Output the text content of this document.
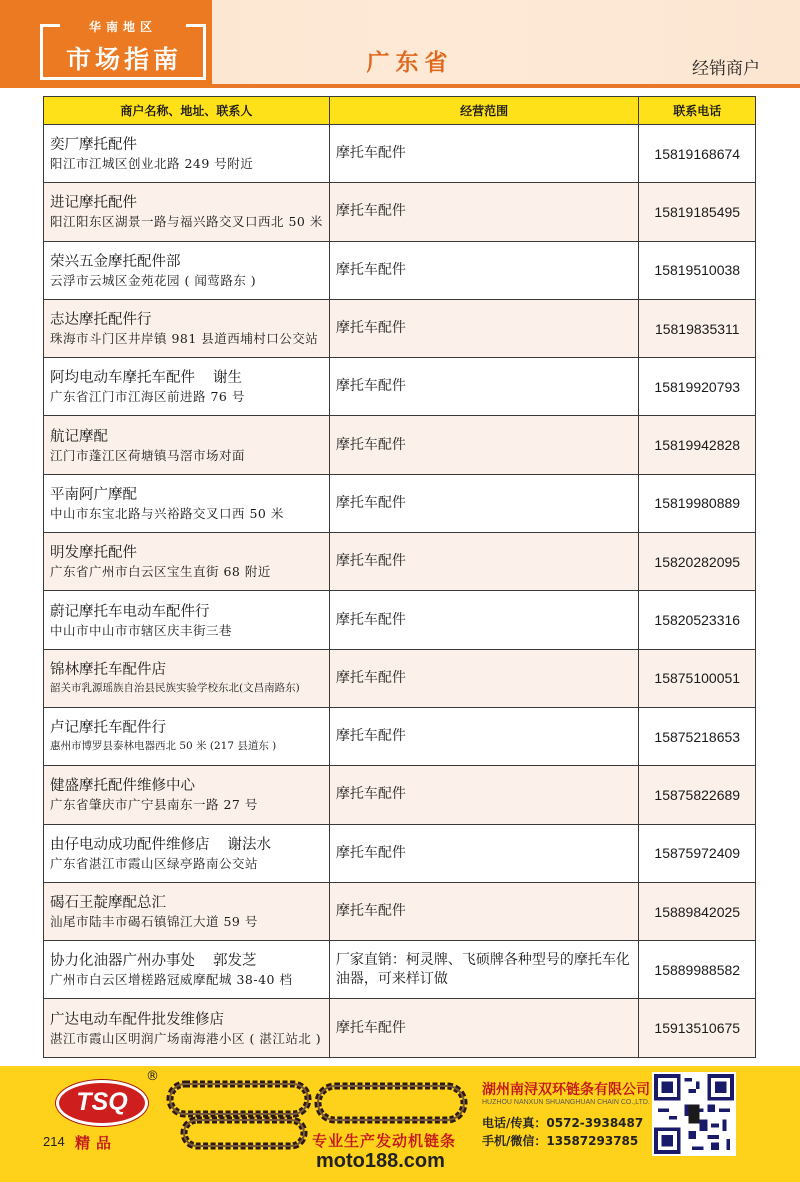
华南地区
市场指南	广东省	经销商户
商户名称、地址、联系人	经营范围	联系电话

奕厂摩托配件
阳江市江城区创业北路 249 号附近	摩托车配件	15819168674

进记摩托配件
阳江阳东区湖景一路与福兴路交叉口西北 50 米	摩托车配件	15819185495

荣兴五金摩托配件部
云浮市云城区金苑花园 ( 闻莺路东 )	摩托车配件	15819510038

志达摩托配件行
珠海市斗门区井岸镇 981 县道西埔村口公交站	摩托车配件	15819835311

阿均电动车摩托车配件 谢生
广东省江门市江海区前进路 76 号	摩托车配件	15819920793

航记摩配
江门市蓬江区荷塘镇马滘市场对面	摩托车配件	15819942828

平南阿广摩配
中山市东宝北路与兴裕路交叉口西 50 米	摩托车配件	15819980889

明发摩托配件
广东省广州市白云区宝生直街 68 附近	摩托车配件	15820282095

蔚记摩托车电动车配件行
中山市中山市市辖区庆丰街三巷	摩托车配件	15820523316

锦林摩托车配件店
韶关市乳源瑶族自治县民族实验学校东北(文昌南路东)	摩托车配件	15875100051

卢记摩托车配件行
惠州市博罗县泰林电器西北 50 米 (217 县道东 )	摩托车配件	15875218653

健盛摩托配件维修中心
广东省肇庆市广宁县南东一路 27 号	摩托车配件	15875822689

由仔电动成功配件维修店 谢法水
广东省湛江市霞山区绿亭路南公交站	摩托车配件	15875972409

碣石王靛摩配总汇
汕尾市陆丰市碣石镇锦江大道 59 号	摩托车配件	15889842025

协力化油器广州办事处 郭发芝
广州市白云区增槎路冠威摩配城 38-40 档	厂家直销：柯灵牌、飞硕牌各种型号的摩托车化油器，可来样订做	15889988582

广达电动车配件批发维修店
湛江市霞山区明润广场南海港小区 ( 湛江站北 )	摩托车配件	15913510675
TSQ
®
214 精品	专业生产发动机链条
moto188.com
湖州南浔双环链条有限公司
HUZHOU NANXUN SHUANGHUAN CHAIN CO.,LTD.
电话/传真：0572-3938487
手机/微信：13587293785
